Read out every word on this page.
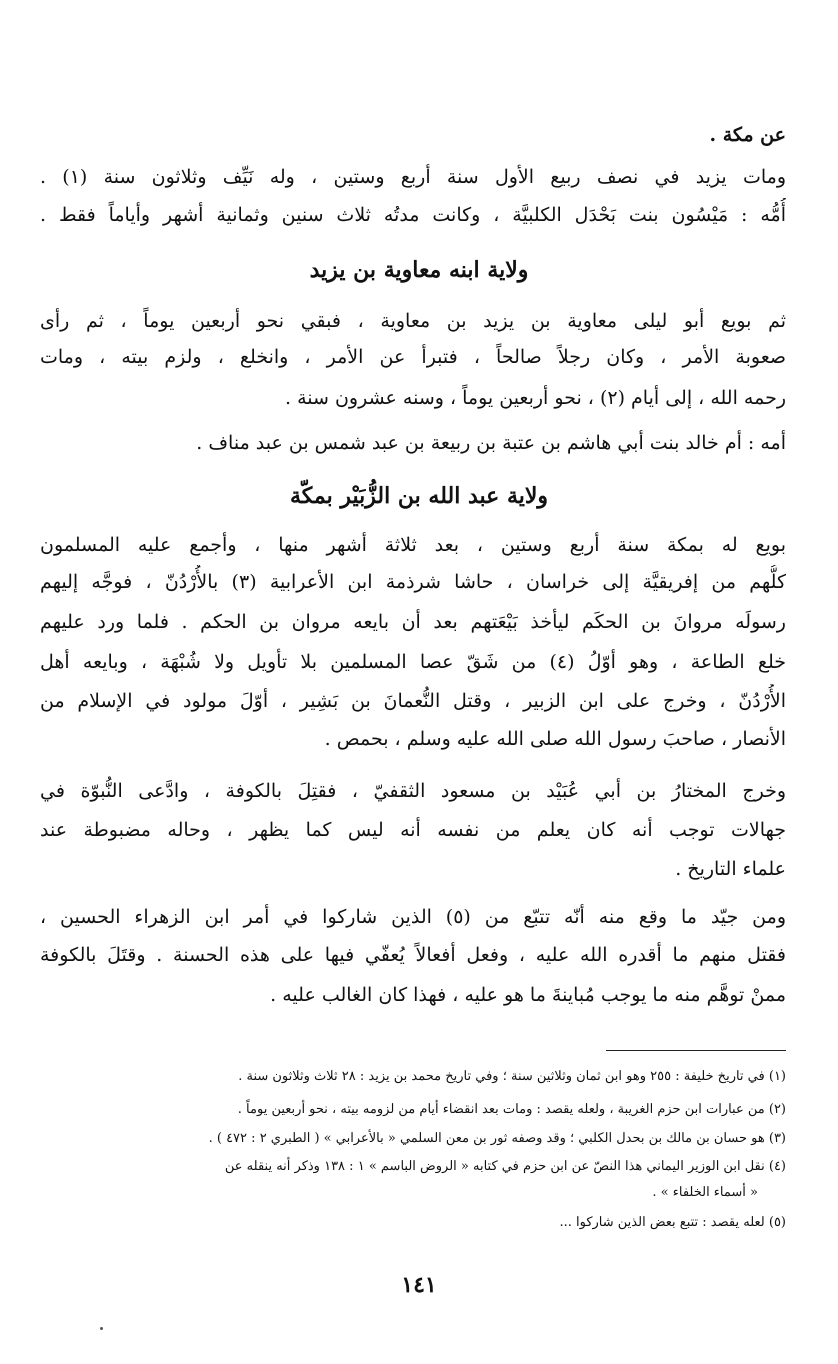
عن مكة .
ومات يزيد في نصف ربيع الأول سنة أربع وستين ، وله نَيِّف وثلاثون سنة (١) .
أُمُّه : مَيْسُون بنت بَحْدَل الكلبيَّة ، وكانت مدتُه ثلاث سنين وثمانية أشهر وأياماً فقط .
ولاية ابنه معاوية بن يزيد
ثم بويع أبو ليلى معاوية بن يزيد بن معاوية ، فبقي نحو أربعين يوماً ، ثم رأى
صعوبة الأمر ، وكان رجلاً صالحاً ، فتبرأ عن الأمر ، وانخلع ، ولزم بيته ، ومات
رحمه الله ، إلى أيام (٢) ، نحو أربعين يوماً ، وسنه عشرون سنة .
أمه : أم خالد بنت أبي هاشم بن عتبة بن ربيعة بن عبد شمس بن عبد مناف .
ولاية عبد الله بن الزُّبَيْر بمكّة
بويع له بمكة سنة أربع وستين ، بعد ثلاثة أشهر منها ، وأجمع عليه المسلمون
كلُّهم من إفريقيَّة إلى خراسان ، حاشا شرذمة ابن الأعرابية (٣) بالأُرْدُنّ ، فوجَّه إليهم
رسولَه مروانَ بن الحكَم ليأخذ بَيْعَتهم بعد أن بايعه مروان بن الحكم . فلما ورد عليهم
خلع الطاعة ، وهو أوّلُ (٤) من شَقّ عصا المسلمين بلا تأويل ولا شُبْهَة ، وبايعه أهل
الأُرْدُنّ ، وخرج على ابن الزبير ، وقتل النُّعمانَ بن بَشِير ، أوّلَ مولود في الإسلام من
الأنصار ، صاحبَ رسول الله صلى الله عليه وسلم ، بحمص .
وخرج المختارُ بن أبي عُبَيْد بن مسعود الثقفيّ ، فقتِلَ بالكوفة ، وادَّعى النُّبوّة في
جهالات توجب أنه كان يعلم من نفسه أنه ليس كما يظهر ، وحاله مضبوطة عند
علماء التاريخ .
ومن جيّد ما وقع منه أنّه تتبّع من (٥) الذين شاركوا في أمر ابن الزهراء الحسين ،
فقتل منهم ما أقدره الله عليه ، وفعل أفعالاً يُعفّي فيها على هذه الحسنة . وقتَلَ بالكوفة
ممنْ توهَّم منه ما يوجب مُباينةَ ما هو عليه ، فهذا كان الغالب عليه .
(١) في تاريخ خليفة : ٢٥٥ وهو ابن ثمان وثلاثين سنة ؛ وفي تاريخ محمد بن يزيد : ٢٨ ثلاث وثلاثون سنة .
(٢) من عبارات ابن حزم الغريبة ، ولعله يقصد : ومات بعد انقضاء أيام من لزومه بيته ، نحو أربعين يوماً .
(٣) هو حسان بن مالك بن بحدل الكلبي ؛ وقد وصفه ثور بن معن السلمي « بالأعرابي » ( الطبري ٢ : ٤٧٢ ) .
(٤) نقل ابن الوزير اليماني هذا النصّ عن ابن حزم في كتابه « الروض الباسم » ١ : ١٣٨ وذكر أنه ينقله عن
« أسماء الخلفاء » .
(٥) لعله يقصد : تتبع بعض الذين شاركوا ...
١٤١
